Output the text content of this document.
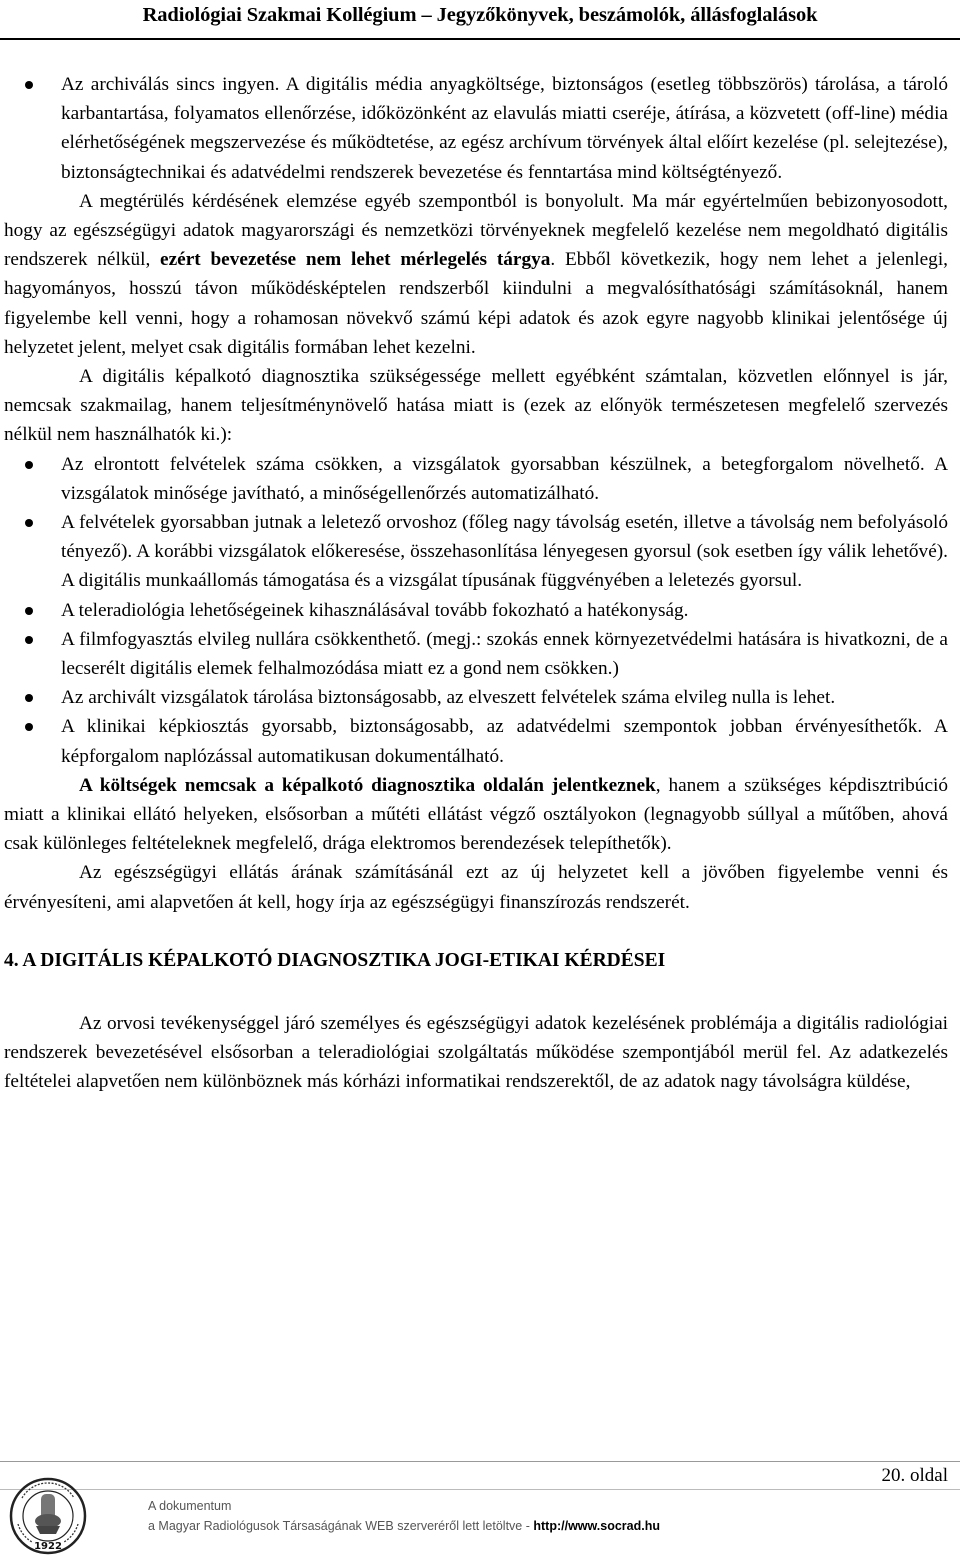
Radiológiai Szakmai Kollégium – Jegyzőkönyvek, beszámolók, állásfoglalások
Az archiválás sincs ingyen. A digitális média anyagköltsége, biztonságos (esetleg többszörös) tárolása, a tároló karbantartása, folyamatos ellenőrzése, időközönként az elavulás miatti cseréje, átírása, a közvetett (off-line) média elérhetőségének megszervezése és működtetése, az egész archívum törvények által előírt kezelése (pl. selejtezése), biztonságtechnikai és adatvédelmi rendszerek bevezetése és fenntartása mind költségtényező.

A megtérülés kérdésének elemzése egyéb szempontból is bonyolult. Ma már egyértelműen bebizonyosodott, hogy az egészségügyi adatok magyarországi és nemzetközi törvényeknek megfelelő kezelése nem megoldható digitális rendszerek nélkül, ezért bevezetése nem lehet mérlegelés tárgya. Ebből következik, hogy nem lehet a jelenlegi, hagyományos, hosszú távon működésképtelen rendszerből kiindulni a megvalósíthatósági számításoknál, hanem figyelembe kell venni, hogy a rohamosan növekvő számú képi adatok és azok egyre nagyobb klinikai jelentősége új helyzetet jelent, melyet csak digitális formában lehet kezelni.

A digitális képalkotó diagnosztika szükségessége mellett egyébként számtalan, közvetlen előnnyel is jár, nemcsak szakmailag, hanem teljesítménynövelő hatása miatt is (ezek az előnyök természetesen megfelelő szervezés nélkül nem használhatók ki.):

Az elrontott felvételek száma csökken, a vizsgálatok gyorsabban készülnek, a betegforgalom növelhető. A vizsgálatok minősége javítható, a minőségellenőrzés automatizálható.
A felvételek gyorsabban jutnak a leletező orvoshoz (főleg nagy távolság esetén, illetve a távolság nem befolyásoló tényező). A korábbi vizsgálatok előkeresése, összehasonlítása lényegesen gyorsul (sok esetben így válik lehetővé). A digitális munkaállomás támogatása és a vizsgálat típusának függvényében a leletezés gyorsul.
A teleradiológia lehetőségeinek kihasználásával tovább fokozható a hatékonyság.
A filmfogyasztás elvileg nullára csökkenthető. (megj.: szokás ennek környezetvédelmi hatására is hivatkozni, de a lecserélt digitális elemek felhalmozódása miatt ez a gond nem csökken.)
Az archivált vizsgálatok tárolása biztonságosabb, az elveszett felvételek száma elvileg nulla is lehet.
A klinikai képkiosztás gyorsabb, biztonságosabb, az adatvédelmi szempontok jobban érvényesíthetők. A képforgalom naplózással automatikusan dokumentálható.

A költségek nemcsak a képalkotó diagnosztika oldalán jelentkeznek, hanem a szükséges képdisztribúció miatt a klinikai ellátó helyeken, elsősorban a műtéti ellátást végző osztályokon (legnagyobb súllyal a műtőben, ahová csak különleges feltételeknek megfelelő, drága elektromos berendezések telepíthetők).

Az egészségügyi ellátás árának számításánál ezt az új helyzetet kell a jövőben figyelembe venni és érvényesíteni, ami alapvetően át kell, hogy írja az egészségügyi finanszírozás rendszerét.

4. A DIGITÁLIS KÉPALKOTÓ DIAGNOSZTIKA JOGI-ETIKAI KÉRDÉSEI

Az orvosi tevékenységgel járó személyes és egészségügyi adatok kezelésének problémája a digitális radiológiai rendszerek bevezetésével elsősorban a teleradiológiai szolgáltatás működése szempontjából merül fel. Az adatkezelés feltételei alapvetően nem különböznek más kórházi informatikai rendszerektől, de az adatok nagy távolságra küldése,

20. oldal
1922
A dokumentum
a Magyar Radiológusok Társaságának WEB szerveréről lett letöltve - http://www.socrad.hu
